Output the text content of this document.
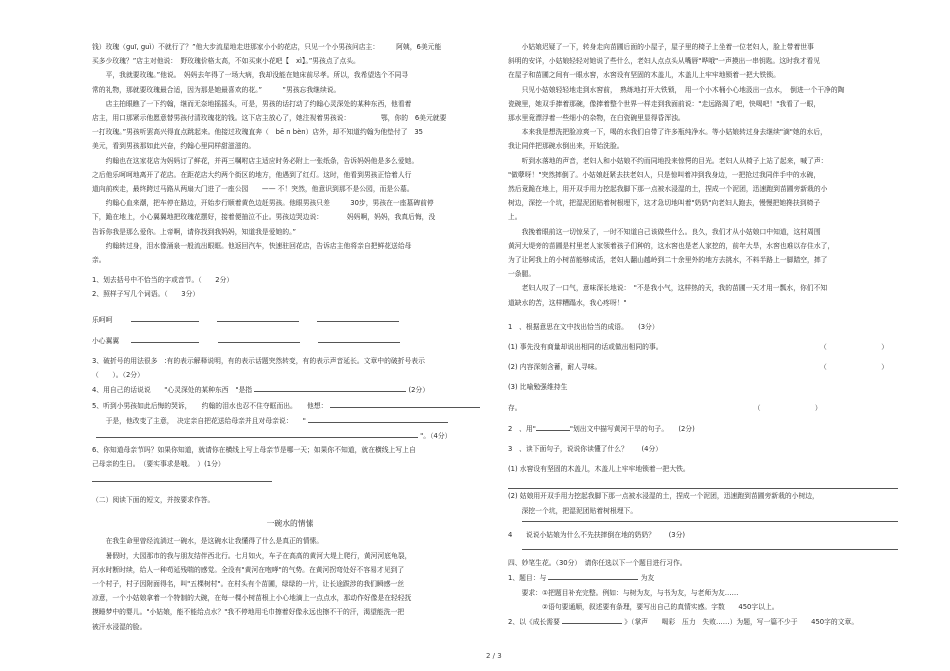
钱）玫瑰（guī, guì）不就行了？”他大步流星地走进那家小小的花店，只见一个小男孩问店主：　　　阿姨，6美元能

买多少玫瑰？”店主对他说：　野玫瑰价格太高，不如买束小花吧【　xì】。”男孩点了点头。

　　平，我就要玫瑰。”他说。　妈妈去年得了一场大病，我却没能在她床前尽孝。所以，我希望选个不同寻

常的礼物，那就要玫瑰最合适，因为那是她最喜欢的花。”　　　”男孩忘我继续说。

　　店主拍眼瞧了一下约翰，继而无奈地摇摇头，可是，男孩的话打动了约翰心灵深处的某种东西，他看着

店主，用口那紧示他愿意替男孩付清玫瑰花的钱。这下店主放心了，她注视着男孩说：　　　　　鄂，你的　6美元就要

一打玫瑰。”男孩听罢高兴得直点跳起来。他接过玫瑰直奔（　bē n bèn）店外，却不知道约翰为他垫付了　35

美元，看到男孩那如此兴奋，约翰心里同样甜滋滋的。

　　约翰也在这家花店为妈妈订了鲜花，并再三嘱咐店主适应时务必附上一张纸条，告诉妈妈他是多么爱她。

之后他乐呵呵地离开了花店。在距花店大约两个街区的地方，他遇到了红灯。这时，他看到男孩正恰着人行

道向前疾走，最终跨过马路从两扇大门进了一座公园　　—— 不！突然，他意识到那不是公园，而是公墓。

　　约翰心血来潮，把车停在路边，开始步行顺着黄色边赶男孩。他眼男孩只差　　　30步，男孩在一座墓碑前停

下，跪在地上，小心翼翼地把玫瑰花摆好，接着便抽泣不止。男孩边哭边说：　　　　妈妈啊，妈妈，我真后悔，没

告诉你我是那么爱你。上帝啊，请你找到我妈妈，知道我是爱她的。”

　　约翰转过身，泪水像涌泉一般流出眼眶。他返回汽车，快速驻回花店，告诉店主他将亲自把鲜花送给母

亲。

1、划去括号中不恰当的字或音节。（　　2分）

2、照样子写几个词语。（　　3分）

乐呵呵

小心翼翼

3、破折号的用法很多　:有的表示解释说明，有的表示话题突然转变，有的表示声音延长。文章中的破折号表示

（　　）。（2分）

4、用自己的话说说　　"心灵深处的某种东西　"是指	(2分）

5、听到小男孩如此后悔的哭诉，　　约翰的泪水也忍不住夺眶而出。　　他想：

　　于是，他改变了主意，　决定亲自把花送给母亲并且对母亲说：　　"

"。（4分）

6、你知道母亲节吗？如果你知道，就请你在横线上写上母亲节是哪一天；如果你不知道，就在横线上写上自

己母亲的生日。　（要实事求是哦。　）(1分）

（二）阅读下面的短文，并按要求作答。

一碗水的情愫

　　在我生命里曾经流淌过一碗水，是这碗水让我懂得了什么是真正的情愫。

　　暑假时，大园那市的我与朋友结伴西北行。七月如火，车子在高高的黄河大堤上爬行，黄河河底龟裂，

河水时断时续，给人一种苟延残喘的感觉。全没有"黄河在咆哮"的气势。在黄河拐弯处好不容易才见到了

一个村子，村子因附面得名，叫"五棵树村"。在村头有个苗圃，绿绿的一片，让长途跋涉的我们瞬感一丝

凉意，一个小姑娘拿着一个特制的大碗，在每一棵小树苗根上小心地滴上一点点水，那动作好像是在轻轻抚

摸睡梦中的婴儿。"小姑娘，能不能给点水？"我不停地用毛巾擦着好像永远也擦不干的汗，渴望能洗一把

被汗水浸湿的脸。

　　小姑娘迟疑了一下，转身走向苗圃后面的小屋子，屋子里的椅子上坐着一位老妇人，脸上带着世事

斜明的安详，小姑娘轻轻对她说了些什么，老妇人点点头从嘴唇"哗哦"一声摸出一串钥匙。这时我才看见

在屋子和苗圃之间有一眼水窖，水窖设有坚固的木盖儿，木盖儿上牢牢地锁着一把大铁锁。

　　只见小姑娘轻轻地走到水窖前，　熟练地打开大铁锁，　用一个小木桶小心地汲出一点水，　倒进一个干净的陶

瓷碗里，她双手捧着那碗，像捧着整个世界一样走到我面前说："走远路渴了吧，快喝吧！"我看了一眼，

那水里竟漂浮着一些细小的杂物，在白瓷碗里显得昏浑浊。

　　本来我是想洗把脸凉爽一下，喝的水我们自带了许多瓶纯净水。等小姑娘转过身去继续"滴"她的水后，

我让同伴把那碗水倒出来，开始洗脸。

　　听到水落地的声音，老妇人和小姑娘不约而同地投来惊愕的目光。老妇人从椅子上站了起来，喊了声：

"做孽呀！"突然摔倒了。小姑娘赶紧去扶老妇人，只是惊叫着冲到我身边，一把抢过我同伴手中的水碗，

然后竟跪在地上，用开双手用力挖起我脚下那一点被水浸湿的土，捏成一个泥团，迅速跑到苗圃旁新栽的小

树边，深挖一个坑，把湿泥团贴着树根埋下，这才急切地叫着"奶奶"向老妇人跑去，慢慢把她搀扶到椅子

上。

　　我挽着眼前这一切惊呆了，一时不知道自己该做些什么。良久，我们才从小姑娘口中知道，这村周围

黄河大堤旁的苗圃是村里老人家领着孩子们种的，这水窖也是老人家挖的，前年大旱，水窖也难以存住水了，

为了让阿我上的小树苗能够成活，老妇人翻山越岭到二十余里外的地方去挑水，不料半路上一脚踏空，摔了

一条腿。

　　老妇人叹了一口气，意味深长地说：　"不是我小气，这样热的天，我的苗圃一天才用一瓢水，你们不知

道缺水的苦，这样糟蹋水，我心疼呀！"

1　、根据意思在文中找出恰当的成语。　　(3分）

(1) 事先没有商量却说出相同的话或做出相同的事。	（　　　　　　　　）

(2) 内容深刻含蓄，耐人寻味。	（　　　　　　　　）

(3) 比喻勉强维持生

存。	（　　　　　　　　）

2　、用"	"划出文中描写黄河干旱的句子。　　(2分)

3　、读下面句子，说说你读懂了什么？　　(4分）

(1) 水窖设有坚固的木盖儿，木盖儿上牢牢地锁着一把大铁。

(2) 姑娘用开双手用力挖起我脚下那一点被水浸湿的土，捏成一个泥团，迅速跑到苗圃旁新栽的小树边，

　　深挖一个坑，把湿泥团贴着树根埋下。

4　　说说小姑娘为什么不先扶摔倒在地的奶奶？　　(3分)

四、妙笔生花。（30分）　请你任选以下一个题目进行习作。

1、题目：与	为友

　　要求：①把题目补充完整。例如：与树为友，与书为友，与老师为友……

　　　　　②语句要通顺，叙述要有条理，要写出自己的真情实感。字数　　450字以上。

2、以《成长需要	》（掌声　　喝彩　压力　失败……）为题，写一篇不少于　　450字的文章。

2 / 3
